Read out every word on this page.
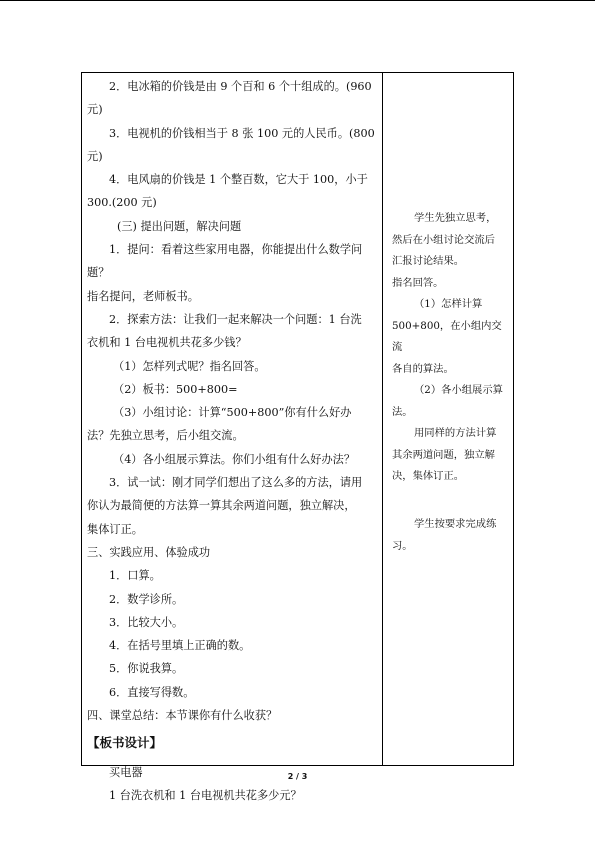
2．电冰箱的价钱是由 9 个百和 6 个十组成的。(960

元)

3．电视机的价钱相当于 8 张 100 元的人民币。(800

元)

4．电风扇的价钱是 1 个整百数，它大于 100，小于

300.(200 元)

(三) 提出问题，解决问题

1．提问：看着这些家用电器，你能提出什么数学问

题？

指名提问，老师板书。

2．探索方法：让我们一起来解决一个问题：1 台洗

衣机和 1 台电视机共花多少钱？

（1）怎样列式呢？指名回答。

（2）板书：500+800=

（3）小组讨论：计算“500+800”你有什么好办

法？先独立思考，后小组交流。

（4）各小组展示算法。你们小组有什么好办法？

3．试一试：刚才同学们想出了这么多的方法，请用

你认为最简便的方法算一算其余两道问题，独立解决，

集体订正。

三、实践应用、体验成功

1．口算。

2．数学诊所。

3．比较大小。

4．在括号里填上正确的数。

5．你说我算。

6．直接写得数。

四、课堂总结：本节课你有什么收获？

【板书设计】

买电器

1 台洗衣机和 1 台电视机共花多少元？

学生先独立思考，

然后在小组讨论交流后

汇报讨论结果。

指名回答。

（1）怎样计算

500+800，在小组内交流

各自的算法。

（2）各小组展示算

法。

用同样的方法计算

其余两道问题，独立解

决，集体订正。

学生按要求完成练

习。

2 / 3
